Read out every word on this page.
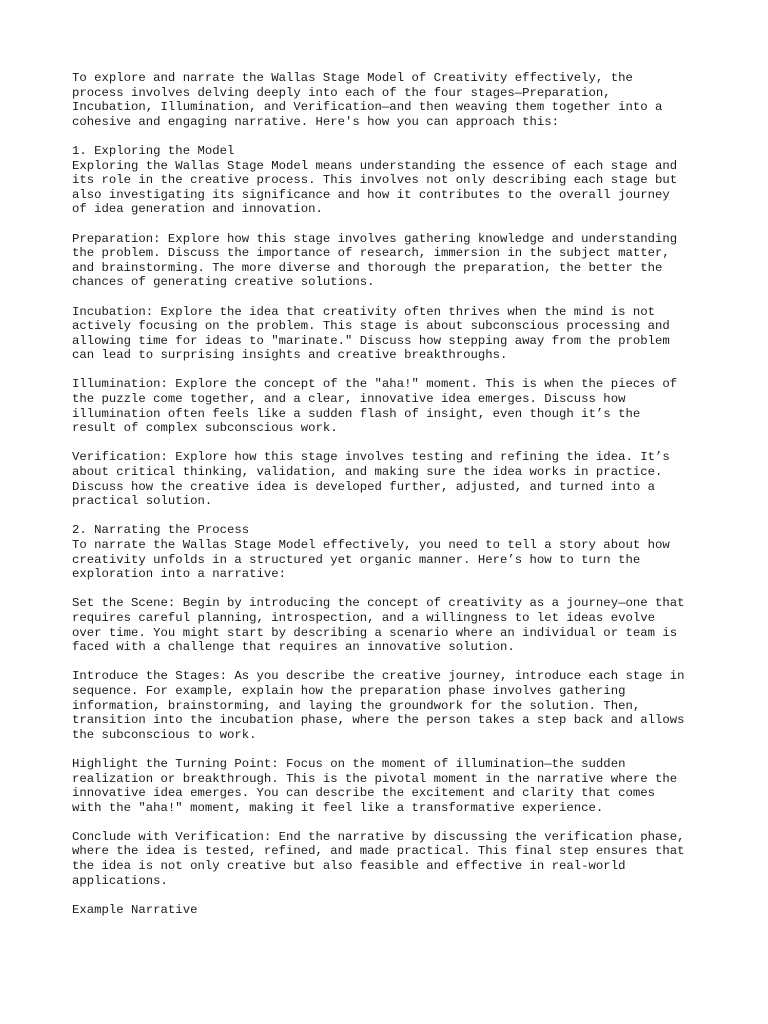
To explore and narrate the Wallas Stage Model of Creativity effectively, the
process involves delving deeply into each of the four stages—Preparation,
Incubation, Illumination, and Verification—and then weaving them together into a
cohesive and engaging narrative. Here's how you can approach this:
1. Exploring the Model
Exploring the Wallas Stage Model means understanding the essence of each stage and
its role in the creative process. This involves not only describing each stage but
also investigating its significance and how it contributes to the overall journey
of idea generation and innovation.
Preparation: Explore how this stage involves gathering knowledge and understanding
the problem. Discuss the importance of research, immersion in the subject matter,
and brainstorming. The more diverse and thorough the preparation, the better the
chances of generating creative solutions.
Incubation: Explore the idea that creativity often thrives when the mind is not
actively focusing on the problem. This stage is about subconscious processing and
allowing time for ideas to "marinate." Discuss how stepping away from the problem
can lead to surprising insights and creative breakthroughs.
Illumination: Explore the concept of the "aha!" moment. This is when the pieces of
the puzzle come together, and a clear, innovative idea emerges. Discuss how
illumination often feels like a sudden flash of insight, even though it’s the
result of complex subconscious work.
Verification: Explore how this stage involves testing and refining the idea. It’s
about critical thinking, validation, and making sure the idea works in practice.
Discuss how the creative idea is developed further, adjusted, and turned into a
practical solution.
2. Narrating the Process
To narrate the Wallas Stage Model effectively, you need to tell a story about how
creativity unfolds in a structured yet organic manner. Here’s how to turn the
exploration into a narrative:
Set the Scene: Begin by introducing the concept of creativity as a journey—one that
requires careful planning, introspection, and a willingness to let ideas evolve
over time. You might start by describing a scenario where an individual or team is
faced with a challenge that requires an innovative solution.
Introduce the Stages: As you describe the creative journey, introduce each stage in
sequence. For example, explain how the preparation phase involves gathering
information, brainstorming, and laying the groundwork for the solution. Then,
transition into the incubation phase, where the person takes a step back and allows
the subconscious to work.
Highlight the Turning Point: Focus on the moment of illumination—the sudden
realization or breakthrough. This is the pivotal moment in the narrative where the
innovative idea emerges. You can describe the excitement and clarity that comes
with the "aha!" moment, making it feel like a transformative experience.
Conclude with Verification: End the narrative by discussing the verification phase,
where the idea is tested, refined, and made practical. This final step ensures that
the idea is not only creative but also feasible and effective in real-world
applications.
Example Narrative
